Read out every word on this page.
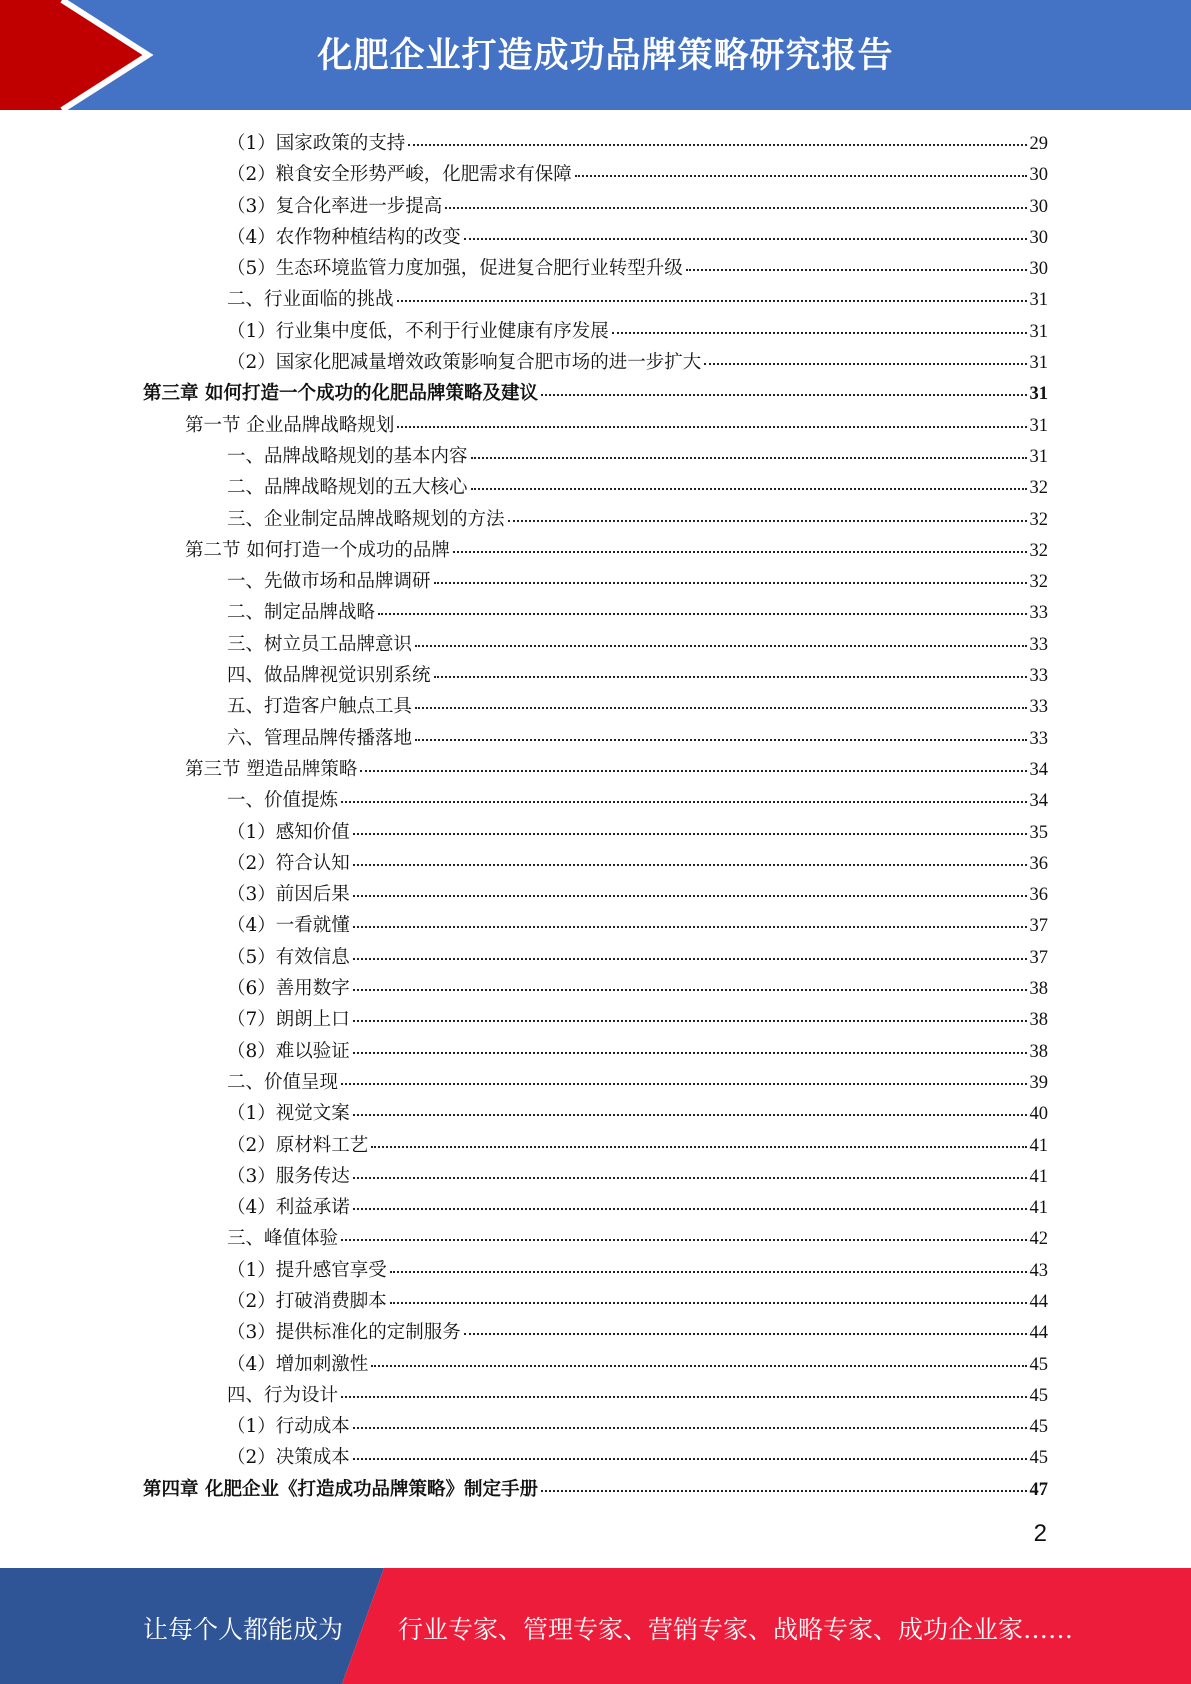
化肥企业打造成功品牌策略研究报告
（1）国家政策的支持	29
（2）粮食安全形势严峻，化肥需求有保障	30
（3）复合化率进一步提高	30
（4）农作物种植结构的改变	30
（5）生态环境监管力度加强，促进复合肥行业转型升级	30
二、行业面临的挑战	31
（1）行业集中度低，不利于行业健康有序发展	31
（2）国家化肥减量增效政策影响复合肥市场的进一步扩大	31
第三章 如何打造一个成功的化肥品牌策略及建议	31
第一节 企业品牌战略规划	31
一、品牌战略规划的基本内容	31
二、品牌战略规划的五大核心	32
三、企业制定品牌战略规划的方法	32
第二节 如何打造一个成功的品牌	32
一、先做市场和品牌调研	32
二、制定品牌战略	33
三、树立员工品牌意识	33
四、做品牌视觉识别系统	33
五、打造客户触点工具	33
六、管理品牌传播落地	33
第三节 塑造品牌策略	34
一、价值提炼	34
（1）感知价值	35
（2）符合认知	36
（3）前因后果	36
（4）一看就懂	37
（5）有效信息	37
（6）善用数字	38
（7）朗朗上口	38
（8）难以验证	38
二、价值呈现	39
（1）视觉文案	40
（2）原材料工艺	41
（3）服务传达	41
（4）利益承诺	41
三、峰值体验	42
（1）提升感官享受	43
（2）打破消费脚本	44
（3）提供标准化的定制服务	44
（4）增加刺激性	45
四、行为设计	45
（1）行动成本	45
（2）决策成本	45
第四章 化肥企业《打造成功品牌策略》制定手册	47
2
让每个人都能成为 行业专家、管理专家、营销专家、战略专家、成功企业家……
